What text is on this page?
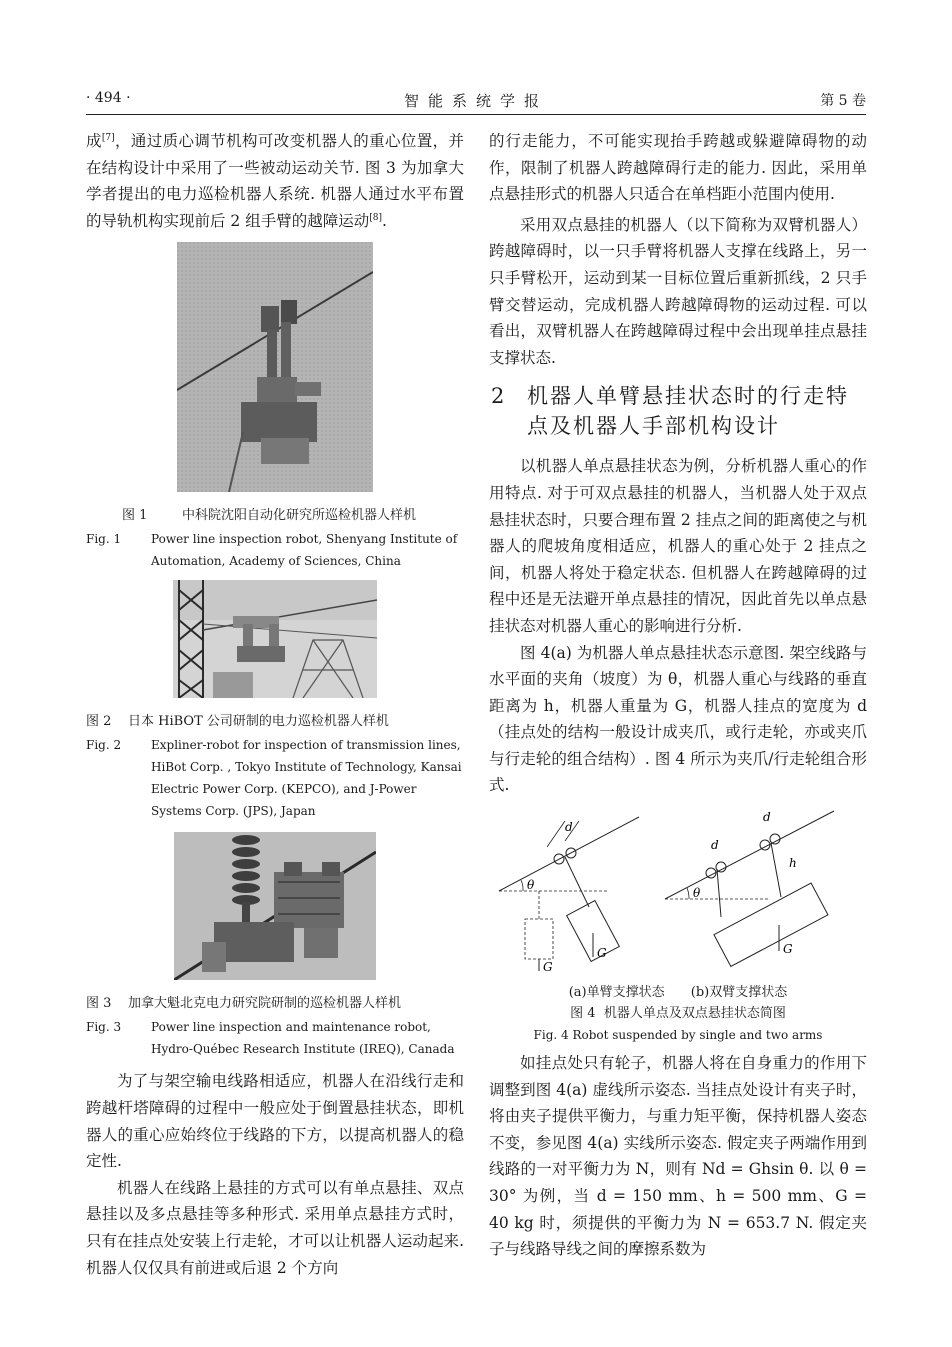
· 494 ·	智能系统学报	第 5 卷

成[7]，通过质心调节机构可改变机器人的重心位置，并在结构设计中采用了一些被动运动关节. 图 3 为加拿大学者提出的电力巡检机器人系统. 机器人通过水平布置的导轨机构实现前后 2 组手臂的越障运动[8].

图 1	中科院沈阳自动化研究所巡检机器人样机
Fig. 1 Power line inspection robot, Shenyang Institute of Automation, Academy of Sciences, China
图 2 日本 HiBOT 公司研制的电力巡检机器人样机
Fig. 2 Expliner-robot for inspection of transmission lines, HiBot Corp. , Tokyo Institute of Technology, Kansai Electric Power Corp. (KEPCO), and J-Power Systems Corp. (JPS), Japan
图 3 加拿大魁北克电力研究院研制的巡检机器人样机
Fig. 3 Power line inspection and maintenance robot, Hydro-Québec Research Institute (IREQ), Canada

为了与架空输电线路相适应，机器人在沿线行走和跨越杆塔障碍的过程中一般应处于倒置悬挂状态，即机器人的重心应始终位于线路的下方，以提高机器人的稳定性.

机器人在线路上悬挂的方式可以有单点悬挂、双点悬挂以及多点悬挂等多种形式. 采用单点悬挂方式时，只有在挂点处安装上行走轮，才可以让机器人运动起来. 机器人仅仅具有前进或后退 2 个方向

的行走能力，不可能实现抬手跨越或躲避障碍物的动作，限制了机器人跨越障碍行走的能力. 因此，采用单点悬挂形式的机器人只适合在单档距小范围内使用.

采用双点悬挂的机器人（以下简称为双臂机器人）跨越障碍时，以一只手臂将机器人支撑在线路上，另一只手臂松开，运动到某一目标位置后重新抓线，2 只手臂交替运动，完成机器人跨越障碍物的运动过程. 可以看出，双臂机器人在跨越障碍过程中会出现单挂点悬挂支撑状态.

2 机器人单臂悬挂状态时的行走特点及机器人手部机构设计

以机器人单点悬挂状态为例，分析机器人重心的作用特点. 对于可双点悬挂的机器人，当机器人处于双点悬挂状态时，只要合理布置 2 挂点之间的距离使之与机器人的爬坡角度相适应，机器人的重心处于 2 挂点之间，机器人将处于稳定状态. 但机器人在跨越障碍的过程中还是无法避开单点悬挂的情况，因此首先以单点悬挂状态对机器人重心的影响进行分析.

图 4(a) 为机器人单点悬挂状态示意图. 架空线路与水平面的夹角（坡度）为 θ，机器人重心与线路的垂直距离为 h，机器人重量为 G，机器人挂点的宽度为 d（挂点处的结构一般设计成夹爪，或行走轮，亦或夹爪与行走轮的组合结构）. 图 4 所示为夹爪/行走轮组合形式.

θ
d
G
G
θ
d
d
h
G
(a)单臂支撑状态 (b)双臂支撑状态
图 4 机器人单点及双点悬挂状态简图
Fig. 4 Robot suspended by single and two arms

如挂点处只有轮子，机器人将在自身重力的作用下调整到图 4(a) 虚线所示姿态. 当挂点处设计有夹子时，将由夹子提供平衡力，与重力矩平衡，保持机器人姿态不变，参见图 4(a) 实线所示姿态. 假定夹子两端作用到线路的一对平衡力为 N，则有 Nd = Ghsin θ. 以 θ = 30° 为例，当 d = 150 mm、h = 500 mm、G = 40 kg 时，须提供的平衡力为 N = 653.7 N. 假定夹子与线路导线之间的摩擦系数为
